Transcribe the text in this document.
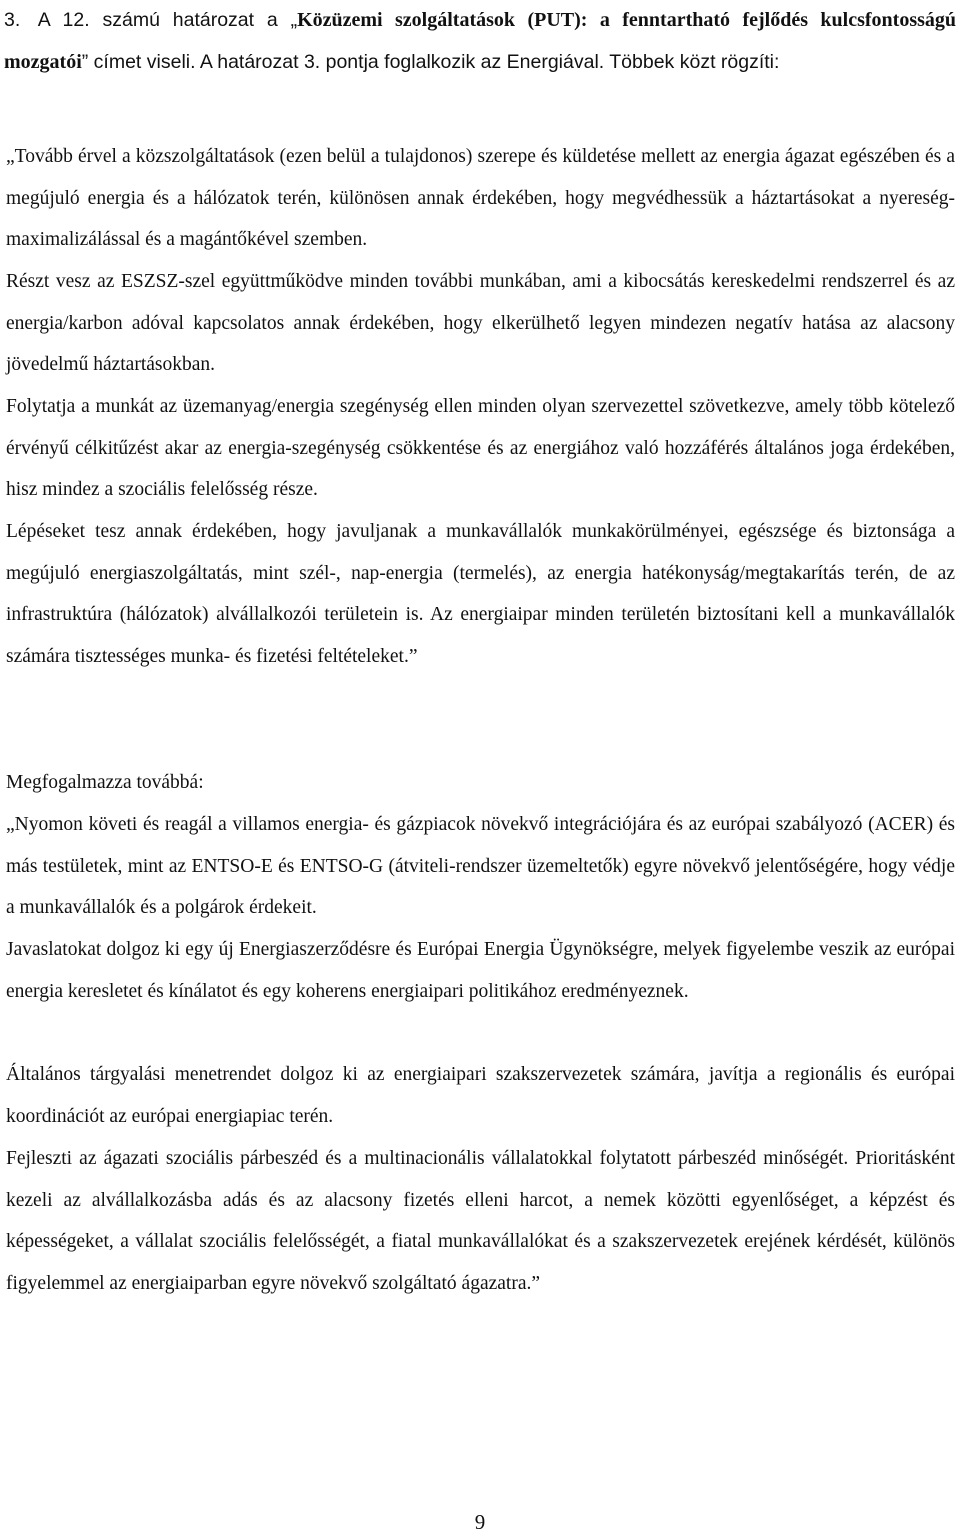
3. A 12. számú határozat a „Közüzemi szolgáltatások (PUT): a fenntartható fejlődés kulcsfontosságú mozgatói” címet viseli. A határozat 3. pontja foglalkozik az Energiával. Többek közt rögzíti:

„Tovább érvel a közszolgáltatások (ezen belül a tulajdonos) szerepe és küldetése mellett az energia ágazat egészében és a megújuló energia és a hálózatok terén, különösen annak érdekében, hogy megvédhessük a háztartásokat a nyereség-maximalizálással és a magántőkével szemben.

Részt vesz az ESZSZ-szel együttműködve minden további munkában, ami a kibocsátás kereskedelmi rendszerrel és az energia/karbon adóval kapcsolatos annak érdekében, hogy elkerülhető legyen mindezen negatív hatása az alacsony jövedelmű háztartásokban.

Folytatja a munkát az üzemanyag/energia szegénység ellen minden olyan szervezettel szövetkezve, amely több kötelező érvényű célkitűzést akar az energia-szegénység csökkentése és az energiához való hozzáférés általános joga érdekében, hisz mindez a szociális felelősség része.

Lépéseket tesz annak érdekében, hogy javuljanak a munkavállalók munkakörülményei, egészsége és biztonsága a megújuló energiaszolgáltatás, mint szél-, nap-energia (termelés), az energia hatékonyság/megtakarítás terén, de az infrastruktúra (hálózatok) alvállalkozói területein is. Az energiaipar minden területén biztosítani kell a munkavállalók számára tisztességes munka- és fizetési feltételeket.”

Megfogalmazza továbbá:

„Nyomon követi és reagál a villamos energia- és gázpiacok növekvő integrációjára és az európai szabályozó (ACER) és más testületek, mint az ENTSO-E és ENTSO-G (átviteli-rendszer üzemeltetők) egyre növekvő jelentőségére, hogy védje a munkavállalók és a polgárok érdekeit.

Javaslatokat dolgoz ki egy új Energiaszerződésre és Európai Energia Ügynökségre, melyek figyelembe veszik az európai energia keresletet és kínálatot és egy koherens energiaipari politikához eredményeznek.

Általános tárgyalási menetrendet dolgoz ki az energiaipari szakszervezetek számára, javítja a regionális és európai koordinációt az európai energiapiac terén.

Fejleszti az ágazati szociális párbeszéd és a multinacionális vállalatokkal folytatott párbeszéd minőségét. Prioritásként kezeli az alvállalkozásba adás és az alacsony fizetés elleni harcot, a nemek közötti egyenlőséget, a képzést és képességeket, a vállalat szociális felelősségét, a fiatal munkavállalókat és a szakszervezetek erejének kérdését, különös figyelemmel az energiaiparban egyre növekvő szolgáltató ágazatra.”

9
